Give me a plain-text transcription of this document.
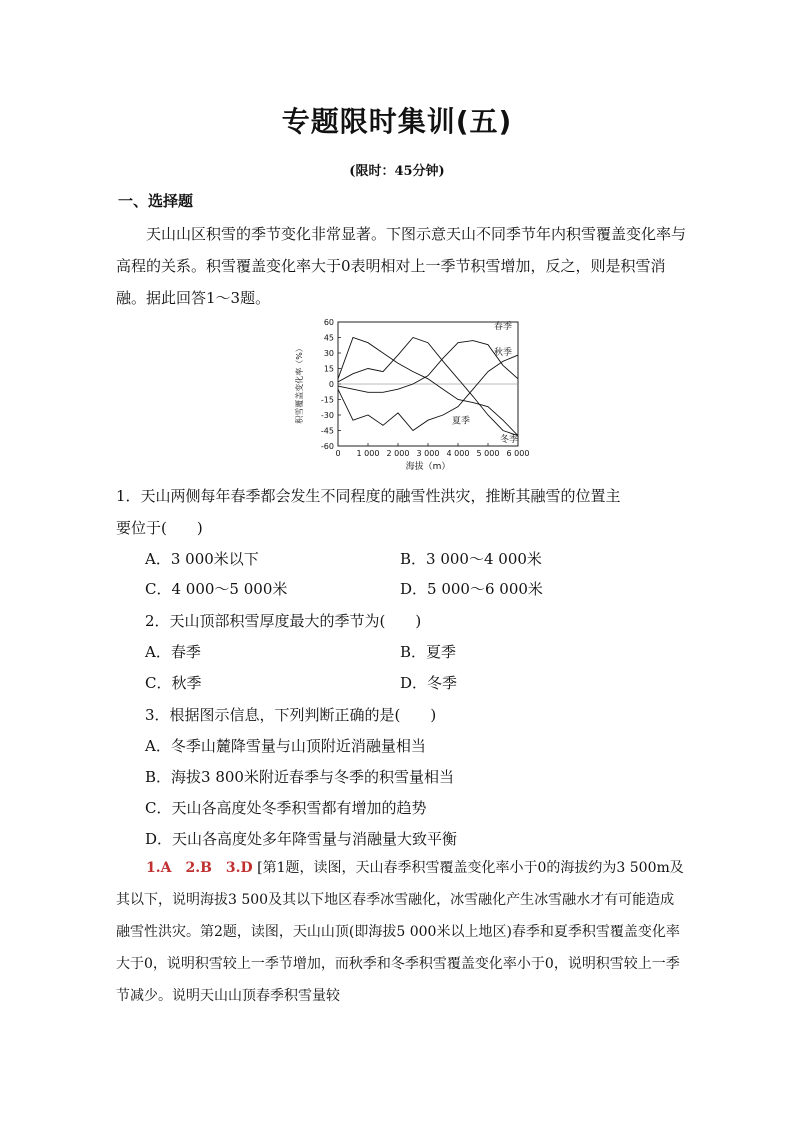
专题限时集训(五)
(限时：45分钟)
一、选择题
天山山区积雪的季节变化非常显著。下图示意天山不同季节年内积雪覆盖变化率与高程的关系。积雪覆盖变化率大于0表明相对上一季节积雪增加，反之，则是积雪消融。据此回答1～3题。
60
45
30
15
0
-15
-30
-45
-60
0 1 000 2 000 3 000 4 000 5 000 6 000
海拔（m）
积雪覆盖变化率（%）
春季
秋季
夏季
冬季
1．天山两侧每年春季都会发生不同程度的融雪性洪灾，推断其融雪的位置主
要位于(　　)
A．3 000米以下	B．3 000～4 000米
C．4 000～5 000米	D．5 000～6 000米
2．天山顶部积雪厚度最大的季节为(　　)
A．春季	B．夏季
C．秋季	D．冬季
3．根据图示信息，下列判断正确的是(　　)
A．冬季山麓降雪量与山顶附近消融量相当
B．海拔3 800米附近春季与冬季的积雪量相当
C．天山各高度处冬季积雪都有增加的趋势
D．天山各高度处多年降雪量与消融量大致平衡
1.A　2.B　3.D [第1题，读图，天山春季积雪覆盖变化率小于0的海拔约为3 500m及其以下，说明海拔3 500及其以下地区春季冰雪融化，冰雪融化产生冰雪融水才有可能造成融雪性洪灾。第2题，读图，天山山顶(即海拔5 000米以上地区)春季和夏季积雪覆盖变化率大于0，说明积雪较上一季节增加，而秋季和冬季积雪覆盖变化率小于0，说明积雪较上一季节减少。说明天山山顶春季积雪量较
